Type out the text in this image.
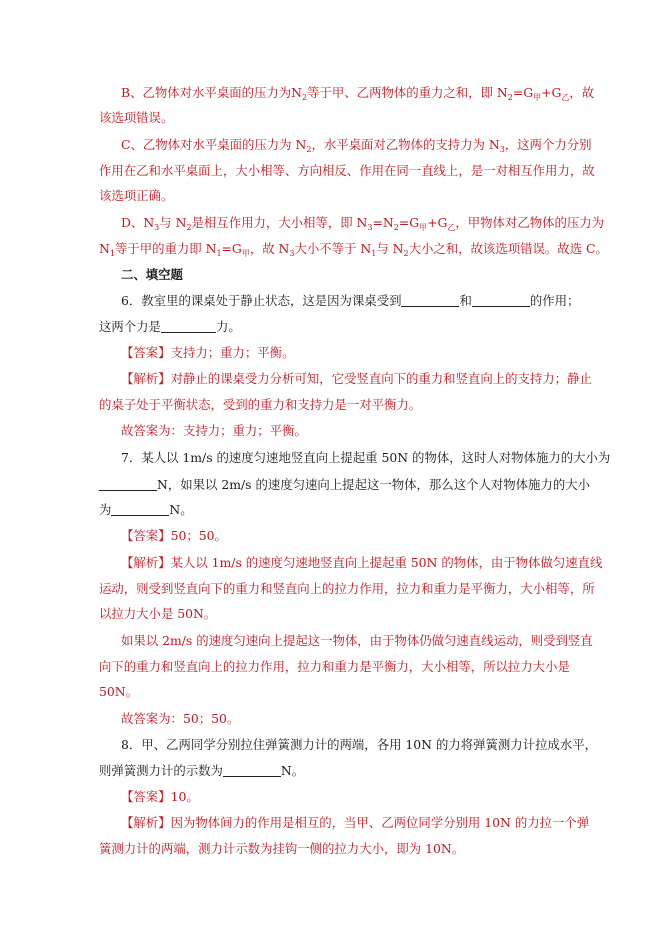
B、乙物体对水平桌面的压力为$N_2$等于甲、乙两物体的重力之和，即 $N_2=G_甲+G_乙$，故
该选项错误。
C、乙物体对水平桌面的压力为 $N_2$，水平桌面对乙物体的支持力为 $N_3$，这两个力分别
作用在乙和水平桌面上，大小相等、方向相反、作用在同一直线上，是一对相互作用力，故
该选项正确。
D、$N_3$与 $N_2$是相互作用力，大小相等，即 $N_3=N_2=G_甲+G_乙$，甲物体对乙物体的压力为
$N_1$等于甲的重力即 $N_1=G_甲$，故 $N_3$大小不等于 $N_1$与 $N_2$大小之和，故该选项错误。故选 C。
二、填空题
6．教室里的课桌处于静止状态，这是因为课桌受到	和	的作用；
这两个力是	力。
【答案】支持力；重力；平衡。
【解析】对静止的课桌受力分析可知，它受竖直向下的重力和竖直向上的支持力；静止
的桌子处于平衡状态，受到的重力和支持力是一对平衡力。
故答案为：支持力；重力；平衡。
7．某人以 1m/s 的速度匀速地竖直向上提起重 50N 的物体，这时人对物体施力的大小为
N，如果以 2m/s 的速度匀速向上提起这一物体，那么这个人对物体施力的大小
为	N。
【答案】50；50。
【解析】某人以 1m/s 的速度匀速地竖直向上提起重 50N 的物体，由于物体做匀速直线
运动，则受到竖直向下的重力和竖直向上的拉力作用，拉力和重力是平衡力，大小相等，所
以拉力大小是 50N。
如果以 2m/s 的速度匀速向上提起这一物体，由于物体仍做匀速直线运动，则受到竖直
向下的重力和竖直向上的拉力作用，拉力和重力是平衡力，大小相等，所以拉力大小是
50N。
故答案为：50；50。
8．甲、乙两同学分别拉住弹簧测力计的两端，各用 10N 的力将弹簧测力计拉成水平，
则弹簧测力计的示数为	N。
【答案】10。
【解析】因为物体间力的作用是相互的，当甲、乙两位同学分别用 10N 的力拉一个弹
簧测力计的两端，测力计示数为挂钩一侧的拉力大小，即为 10N。
